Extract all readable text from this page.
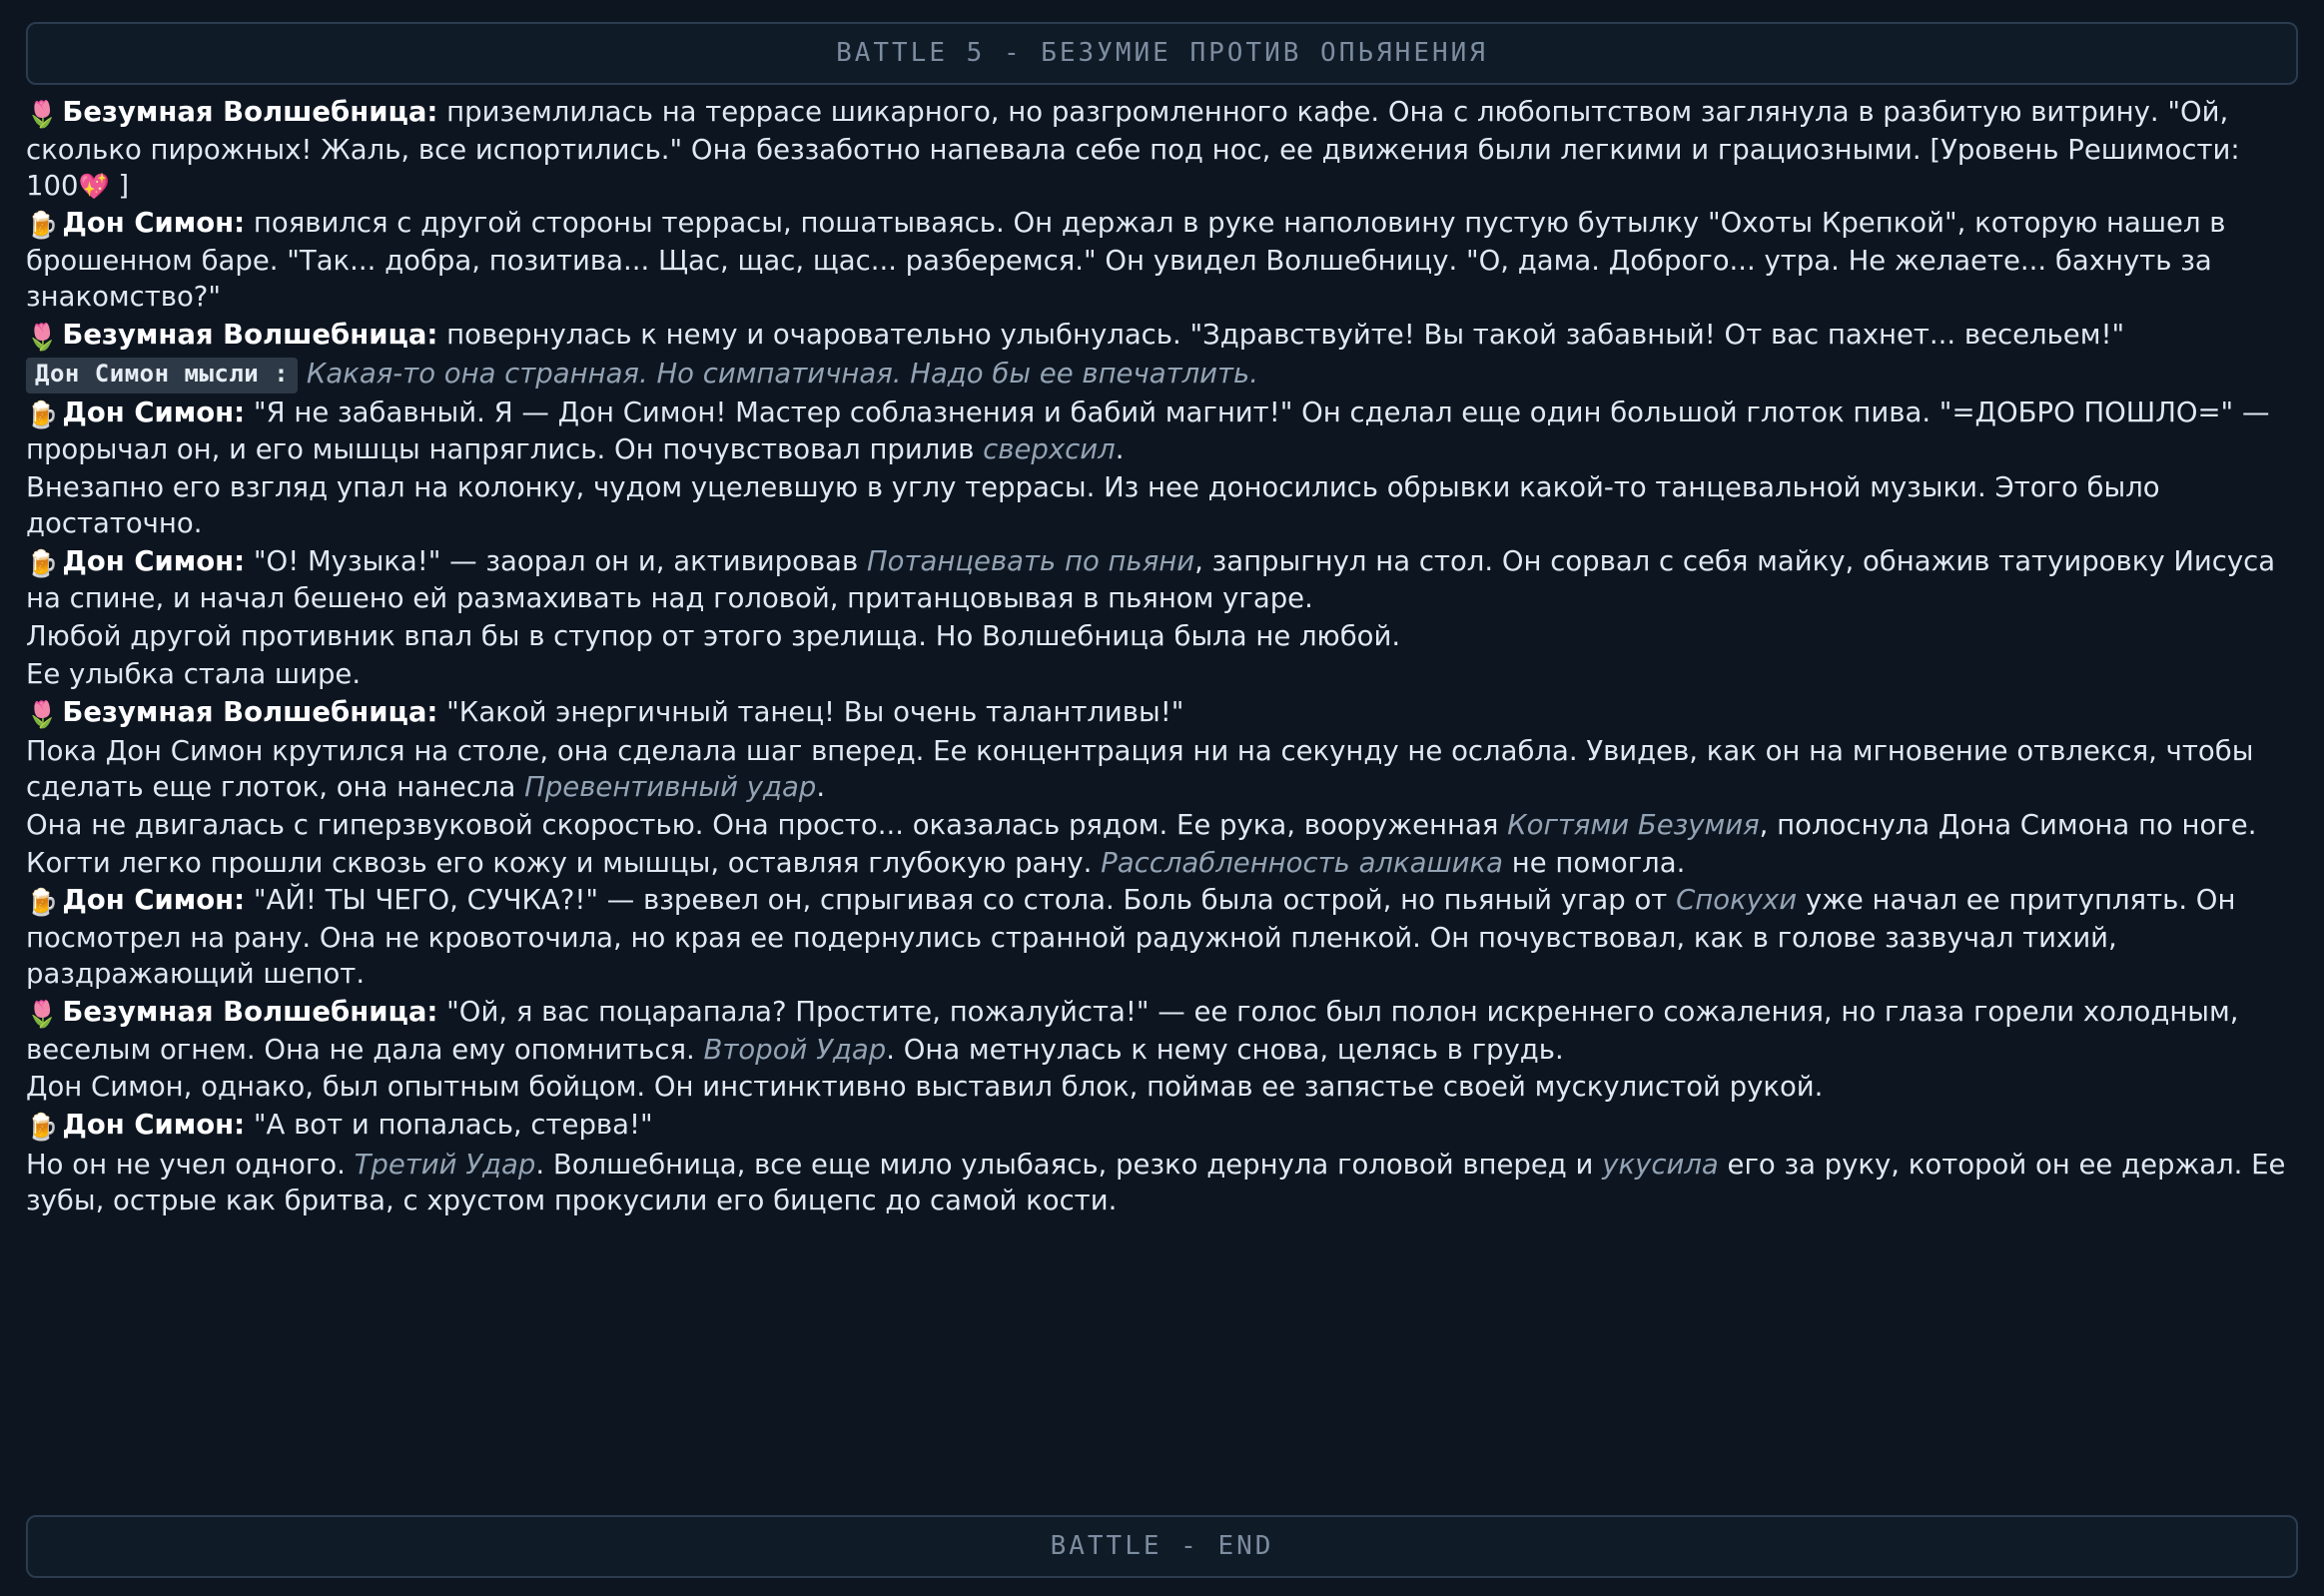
BATTLE 5 - БЕЗУМИЕ ПРОТИВ ОПЬЯНЕНИЯ

🌷 Безумная Волшебница: приземлилась на террасе шикарного, но разгромленного кафе. Она с любопытством заглянула в разбитую витрину. "Ой, сколько пирожных! Жаль, все испортились." Она беззаботно напевала себе под нос, ее движения были легкими и грациозными. [Уровень Решимости: 100💖 ]

🍺 Дон Симон: появился с другой стороны террасы, пошатываясь. Он держал в руке наполовину пустую бутылку "Охоты Крепкой", которую нашел в брошенном баре. "Так... добра, позитива... Щас, щас, щас... разберемся." Он увидел Волшебницу. "О, дама. Доброго... утра. Не желаете... бахнуть за знакомство?"

🌷 Безумная Волшебница: повернулась к нему и очаровательно улыбнулась. "Здравствуйте! Вы такой забавный! От вас пахнет... весельем!"

Дон Симон мысли : Какая-то она странная. Но симпатичная. Надо бы ее впечатлить.

🍺 Дон Симон: "Я не забавный. Я — Дон Симон! Мастер соблазнения и бабий магнит!" Он сделал еще один большой глоток пива. "=ДОБРО ПОШЛО=" — прорычал он, и его мышцы напряглись. Он почувствовал прилив сверхсил.

Внезапно его взгляд упал на колонку, чудом уцелевшую в углу террасы. Из нее доносились обрывки какой-то танцевальной музыки. Этого было достаточно.

🍺 Дон Симон: "О! Музыка!" — заорал он и, активировав Потанцевать по пьяни, запрыгнул на стол. Он сорвал с себя майку, обнажив татуировку Иисуса на спине, и начал бешено ей размахивать над головой, пританцовывая в пьяном угаре.

Любой другой противник впал бы в ступор от этого зрелища. Но Волшебница была не любой.

Ее улыбка стала шире.

🌷 Безумная Волшебница: "Какой энергичный танец! Вы очень талантливы!"

Пока Дон Симон крутился на столе, она сделала шаг вперед. Ее концентрация ни на секунду не ослабла. Увидев, как он на мгновение отвлекся, чтобы сделать еще глоток, она нанесла Превентивный удар.

Она не двигалась с гиперзвуковой скоростью. Она просто... оказалась рядом. Ее рука, вооруженная Когтями Безумия, полоснула Дона Симона по ноге.

Когти легко прошли сквозь его кожу и мышцы, оставляя глубокую рану. Расслабленность алкашика не помогла.

🍺 Дон Симон: "АЙ! ТЫ ЧЕГО, СУЧКА?!" — взревел он, спрыгивая со стола. Боль была острой, но пьяный угар от Спокухи уже начал ее притуплять. Он посмотрел на рану. Она не кровоточила, но края ее подернулись странной радужной пленкой. Он почувствовал, как в голове зазвучал тихий, раздражающий шепот.

🌷 Безумная Волшебница: "Ой, я вас поцарапала? Простите, пожалуйста!" — ее голос был полон искреннего сожаления, но глаза горели холодным, веселым огнем. Она не дала ему опомниться. Второй Удар. Она метнулась к нему снова, целясь в грудь.

Дон Симон, однако, был опытным бойцом. Он инстинктивно выставил блок, поймав ее запястье своей мускулистой рукой.

🍺 Дон Симон: "А вот и попалась, стерва!"

Но он не учел одного. Третий Удар. Волшебница, все еще мило улыбаясь, резко дернула головой вперед и укусила его за руку, которой он ее держал. Ее зубы, острые как бритва, с хрустом прокусили его бицепс до самой кости.

BATTLE - END
